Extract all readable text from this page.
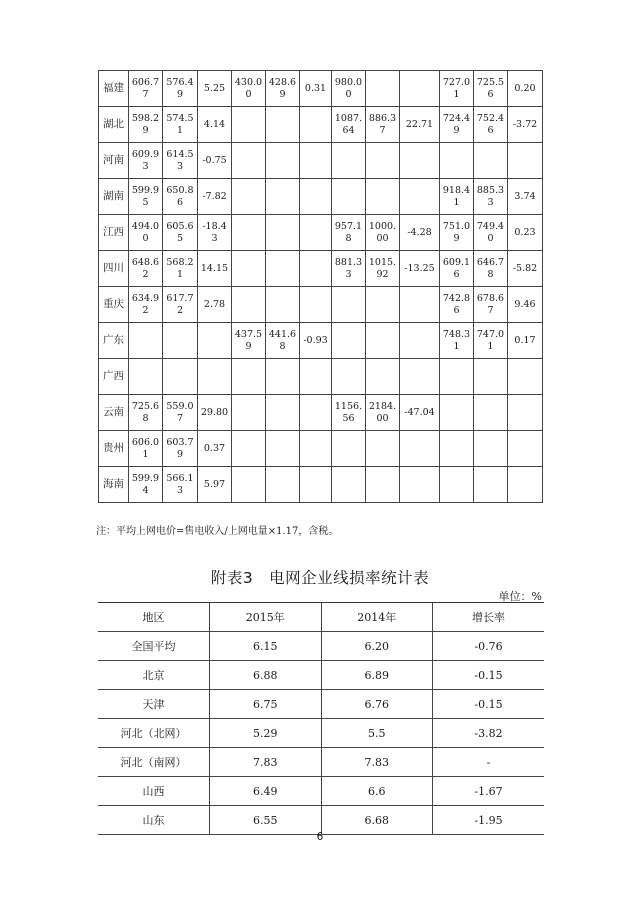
福建	606.77	576.49	5.25	430.00	428.69	0.31	980.00			727.01	725.56	0.20
湖北	598.29	574.51	4.14				1087.64	886.37	22.71	724.49	752.46	-3.72
河南	609.93	614.53	-0.75									
湖南	599.95	650.86	-7.82							918.41	885.33	3.74
江西	494.00	605.65	-18.43				957.18	1000.00	-4.28	751.09	749.40	0.23
四川	648.62	568.21	14.15				881.33	1015.92	-13.25	609.16	646.78	-5.82
重庆	634.92	617.72	2.78							742.86	678.67	9.46
广东				437.59	441.68	-0.93				748.31	747.01	0.17
广西												
云南	725.68	559.07	29.80				1156.56	2184.00	-47.04			
贵州	606.01	603.79	0.37									
海南	599.94	566.13	5.97									
注：平均上网电价=售电收入/上网电量×1.17，含税。
附表3　电网企业线损率统计表
单位：%
地区	2015年	2014年	增长率
全国平均	6.15	6.20	-0.76
北京	6.88	6.89	-0.15
天津	6.75	6.76	-0.15
河北（北网）	5.29	5.5	-3.82
河北（南网）	7.83	7.83	-
山西	6.49	6.6	-1.67
山东	6.55	6.68	-1.95
6
